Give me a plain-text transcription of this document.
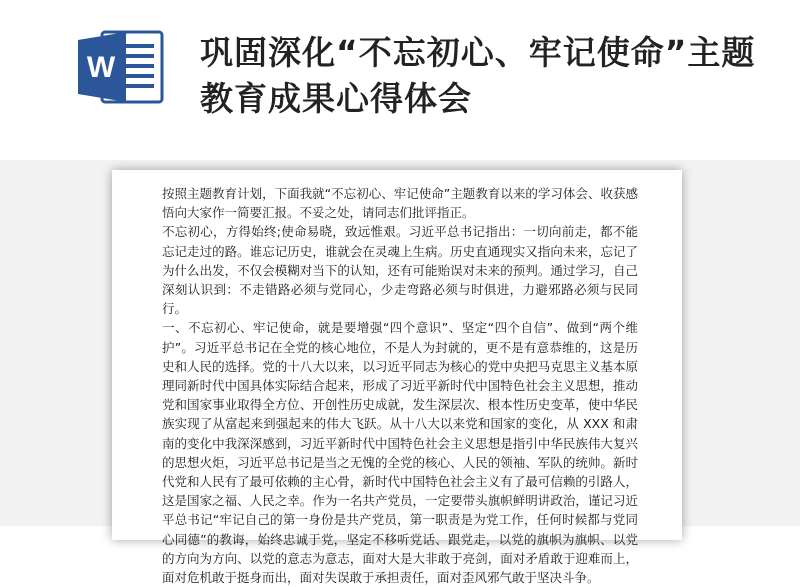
W	巩固深化“不忘初心、牢记使命”主题教育成果心得体会

按照主题教育计划，下面我就“不忘初心、牢记使命”主题教育以来的学习体会、收获感悟向大家作一简要汇报。不妥之处，请同志们批评指正。

不忘初心，方得始终;使命易晓，致远惟艰。习近平总书记指出：一切向前走，都不能忘记走过的路。谁忘记历史，谁就会在灵魂上生病。历史直通现实又指向未来，忘记了为什么出发，不仅会模糊对当下的认知，还有可能贻误对未来的预判。通过学习，自己深刻认识到：不走错路必须与党同心，少走弯路必须与时俱进，力避邪路必须与民同行。

一、不忘初心、牢记使命，就是要增强“四个意识”、坚定“四个自信”、做到“两个维护”。习近平总书记在全党的核心地位，不是人为封就的，更不是有意恭维的，这是历史和人民的选择。党的十八大以来，以习近平同志为核心的党中央把马克思主义基本原理同新时代中国具体实际结合起来，形成了习近平新时代中国特色社会主义思想，推动党和国家事业取得全方位、开创性历史成就，发生深层次、根本性历史变革，使中华民族实现了从富起来到强起来的伟大飞跃。从十八大以来党和国家的变化，从 XXX 和肃南的变化中我深深感到，习近平新时代中国特色社会主义思想是指引中华民族伟大复兴的思想火炬，习近平总书记是当之无愧的全党的核心、人民的领袖、军队的统帅。新时代党和人民有了最可依赖的主心骨，新时代中国特色社会主义有了最可信赖的引路人，这是国家之福、人民之幸。作为一名共产党员，一定要带头旗帜鲜明讲政治，谨记习近平总书记“牢记自己的第一身份是共产党员，第一职责是为党工作，任何时候都与党同心同德”的教诲，始终忠诚于党，坚定不移听党话、跟党走，以党的旗帜为旗帜、以党的方向为方向、以党的意志为意志，面对大是大非敢于亮剑，面对矛盾敢于迎难而上，面对危机敢于挺身而出，面对失误敢于承担责任，面对歪风邪气敢于坚决斗争。
